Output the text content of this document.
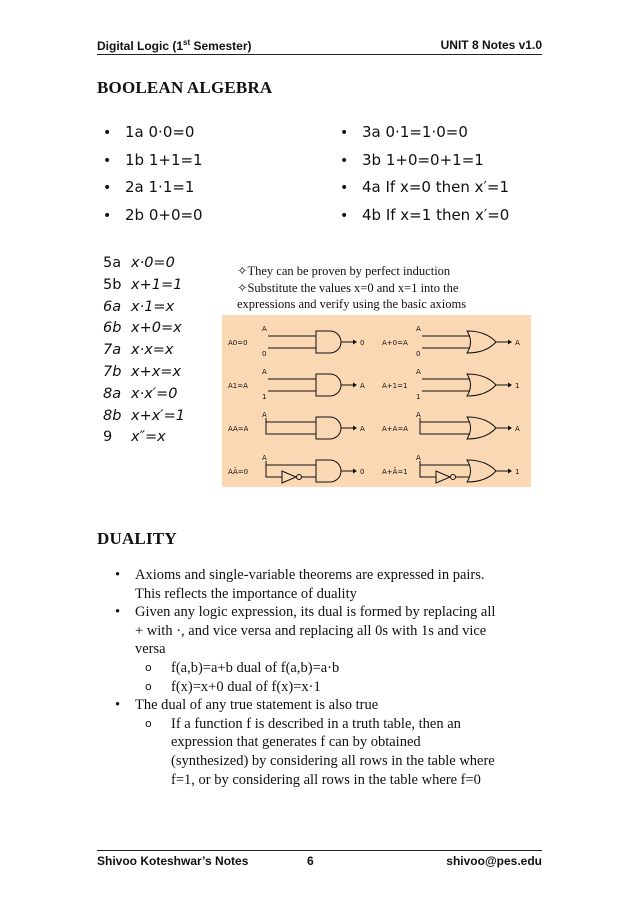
Digital Logic (1st Semester)	UNIT 8 Notes v1.0
BOOLEAN ALGEBRA
• 1a 0·0=0
• 1b 1+1=1
• 2a 1·1=1
• 2b 0+0=0
• 3a 0·1=1·0=0
• 3b 1+0=0+1=1
• 4a If x=0 then x′=1
• 4b If x=1 then x′=0
5a x·0=0
5b x+1=1
6a x·1=x
6b x+0=x
7a x·x=x
7b x+x=x
8a x·x′=0
8b x+x′=1
9 x″=x
✧They can be proven by perfect induction
✧Substitute the values x=0 and x=1 into the
expressions and verify using the basic axioms
A0=0
A
0
0	A+0=A
A
0
A
A1=A
A
1
A A+1=1
A
1
1
AA=A
A
A A+A=A
A
A
AĀ=0
A
0	A+Ā=1
A
1
DUALITY
• Axioms and single-variable theorems are expressed in pairs.
This reflects the importance of duality
• Given any logic expression, its dual is formed by replacing all
+ with ·, and vice versa and replacing all 0s with 1s and vice
versa
o f(a,b)=a+b dual of f(a,b)=a·b
o f(x)=x+0 dual of f(x)=x·1
• The dual of any true statement is also true
o If a function f is described in a truth table, then an
expression that generates f can by obtained
(synthesized) by considering all rows in the table where
f=1, or by considering all rows in the table where f=0
Shivoo Koteshwar’s Notes	6	shivoo@pes.edu
